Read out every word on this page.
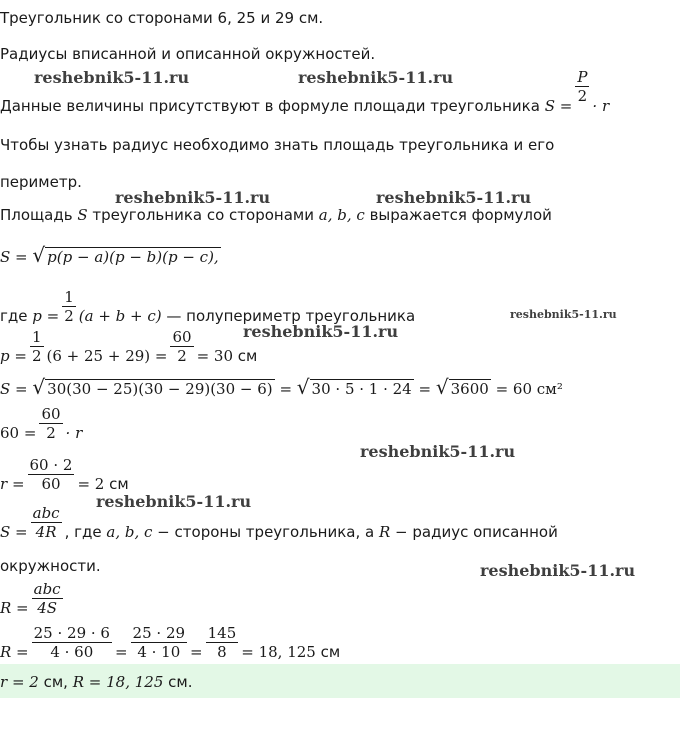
reshebnik5-11.ru	reshebnik5-11.ru
reshebnik5-11.ru	reshebnik5-11.ru
reshebnik5-11.ru
reshebnik5-11.ru
reshebnik5-11.ru
reshebnik5-11.ru
reshebnik5-11.ru
Треугольник со сторонами 6, 25 и 29 см.
Радиусы вписанной и описанной окружностей.
Данные величины присутствуют в формуле площади треугольника S =
$\frac{P}{2}$
· r
Чтобы узнать радиус необходимо знать площадь треугольника и его
периметр.
Площадь S треугольника со сторонами a, b, c выражается формулой
S = √ p(p − a)(p − b)(p − c),
где $p = \frac{1}{2} (a + b + c)$ — полупериметр треугольника
$p = \frac{1}{2} (6 + 25 + 29) = \frac{60}{2} = 30$ см
S = √ 30(30 − 25)(30 − 29)(30 − 6) = √ 30 · 5 · 1 · 24 = √ 3600 = 60 см²
$60 = \frac{60}{2} \cdot r$
$r = \frac{60 \cdot 2}{60} = 2$ см
$S = \frac{\text{abc}}{4R}$ , где a, b, c − стороны треугольника, а R − радиус описанной
окружности.
$R = \frac{\text{abc}}{4S}$
$R = \frac{25 \cdot 29 \cdot 6}{4 \cdot 60} = \frac{25 \cdot 29}{4 \cdot 10} = \frac{145}{8} = 18$, 125 см
r = 2 см, R = 18, 125 см.
